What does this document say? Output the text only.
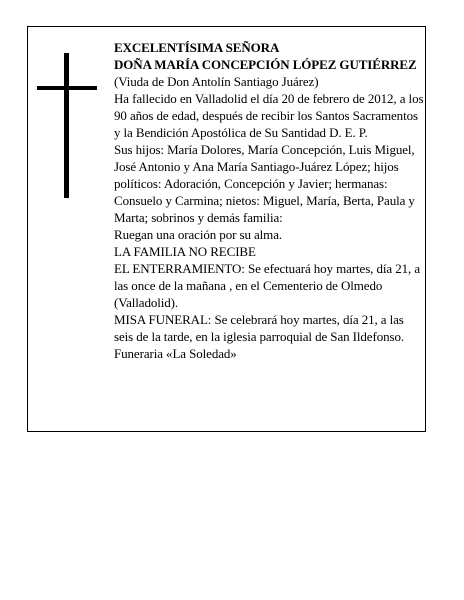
EXCELENTÍSIMA SEÑORA

DOÑA MARÍA CONCEPCIÓN LÓPEZ GUTIÉRREZ

(Viuda de Don Antolín Santiago Juárez)

Ha fallecido en Valladolid el día 20 de febrero de 2012, a los 90 años de edad, después de recibir los Santos Sacramentos y la Bendición Apostólica de Su Santidad D. E. P.

Sus hijos: María Dolores, María Concepción, Luis Miguel, José Antonio y Ana María Santiago-Juárez López; hijos políticos: Adoración, Concepción y Javier; hermanas: Consuelo y Carmina; nietos: Miguel, María, Berta, Paula y Marta; sobrinos y demás familia:

Ruegan una oración por su alma.

LA FAMILIA NO RECIBE

EL ENTERRAMIENTO: Se efectuará hoy martes, día 21, a las once de la mañana , en el Cementerio de Olmedo (Valladolid).

MISA FUNERAL: Se celebrará hoy martes, día 21, a las seis de la tarde, en la iglesia parroquial de San Ildefonso.

Funeraria «La Soledad»
